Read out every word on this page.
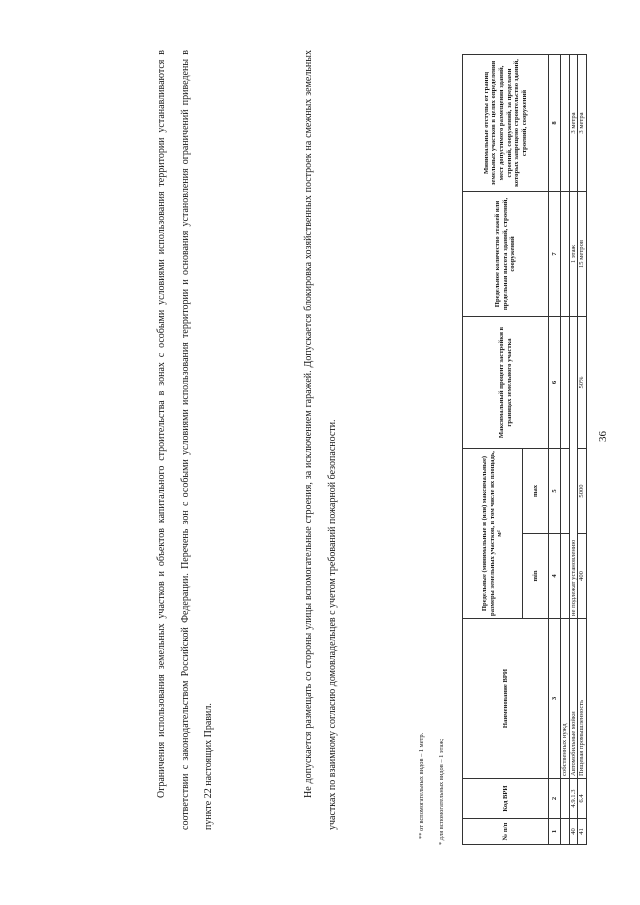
36
№ п/п	Код ВРИ	Наименование ВРИ	Предельные (минимальные и (или) максимальные) размеры земельных участков, в том числе их площадь, м²		Максимальный процент застройки в границах земельного участка	Предельное количество этажей или предельная высота зданий, строений, сооружений	Минимальные отступы от границ земельных участков в целях определения мест допустимого размещения зданий, строений, сооружений, за пределами которых запрещено строительство зданий, строений, сооружений
			min	max			
1	2	3	4	5	6	7	8
		собственных нужд					
40	4.9.1.3	Автомобильные мойки	не подлежат установлению			1 этаж	3 метра
41	6.4	Пищевая промышленность	400	5000	50%	15 метров	3 метра
* для вспомогательных видов – 1 этаж;
** от вспомогательных видов – 1 метр.

Не допускается размещать со стороны улицы вспомогательные строения, за исключением гаражей. Допускается блокировка хозяйственных построек на смежных земельных участках по взаимному согласию домовладельцев с учетом требований пожарной безопасности.

Ограничения использования земельных участков и объектов капитального строительства в зонах с особыми условиями использования территории устанавливаются в соответствии с законодательством Российской Федерации. Перечень зон с особыми условиями использования территории и основания установления ограничений приведены в пункте 22 настоящих Правил.
